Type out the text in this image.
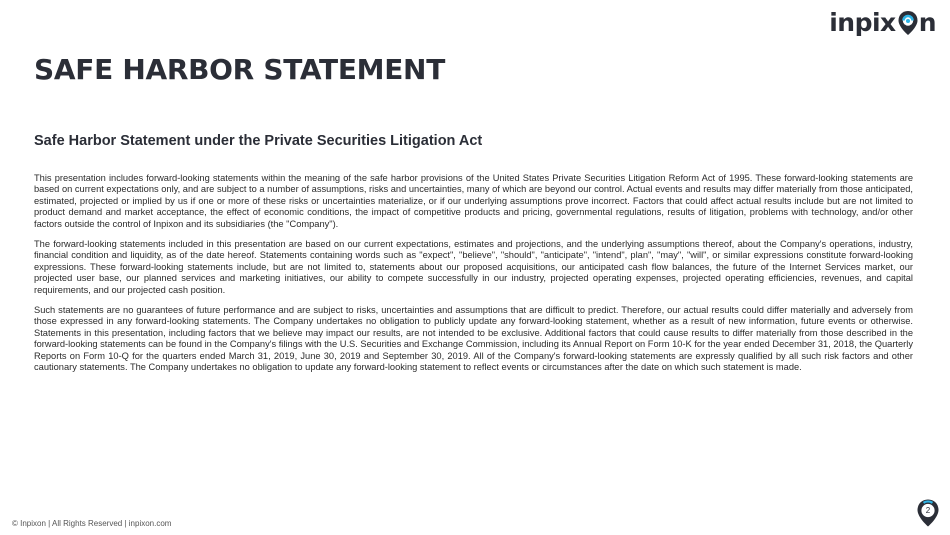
inpix n
SAFE HARBOR STATEMENT
Safe Harbor Statement under the Private Securities Litigation Act

This presentation includes forward-looking statements within the meaning of the safe harbor provisions of the United States Private Securities Litigation Reform Act of 1995. These forward-looking statements are based on current expectations only, and are subject to a number of assumptions, risks and uncertainties, many of which are beyond our control. Actual events and results may differ materially from those anticipated, estimated, projected or implied by us if one or more of these risks or uncertainties materialize, or if our underlying assumptions prove incorrect. Factors that could affect actual results include but are not limited to product demand and market acceptance, the effect of economic conditions, the impact of competitive products and pricing, governmental regulations, results of litigation, problems with technology, and/or other factors outside the control of Inpixon and its subsidiaries (the "Company").

The forward-looking statements included in this presentation are based on our current expectations, estimates and projections, and the underlying assumptions thereof, about the Company's operations, industry, financial condition and liquidity, as of the date hereof. Statements containing words such as "expect", "believe", "should", "anticipate", "intend", plan", "may", "will", or similar expressions constitute forward-looking expressions. These forward-looking statements include, but are not limited to, statements about our proposed acquisitions, our anticipated cash flow balances, the future of the Internet Services market, our projected user base, our planned services and marketing initiatives, our ability to compete successfully in our industry, projected operating expenses, projected operating efficiencies, revenues, and capital requirements, and our projected cash position.

Such statements are no guarantees of future performance and are subject to risks, uncertainties and assumptions that are difficult to predict. Therefore, our actual results could differ materially and adversely from those expressed in any forward-looking statements. The Company undertakes no obligation to publicly update any forward-looking statement, whether as a result of new information, future events or otherwise. Statements in this presentation, including factors that we believe may impact our results, are not intended to be exclusive. Additional factors that could cause results to differ materially from those described in the forward-looking statements can be found in the Company's filings with the U.S. Securities and Exchange Commission, including its Annual Report on Form 10-K for the year ended December 31, 2018, the Quarterly Reports on Form 10-Q for the quarters ended March 31, 2019, June 30, 2019 and September 30, 2019. All of the Company's forward-looking statements are expressly qualified by all such risk factors and other cautionary statements. The Company undertakes no obligation to update any forward-looking statement to reflect events or circumstances after the date on which such statement is made.

© Inpixon | All Rights Reserved | inpixon.com
2
